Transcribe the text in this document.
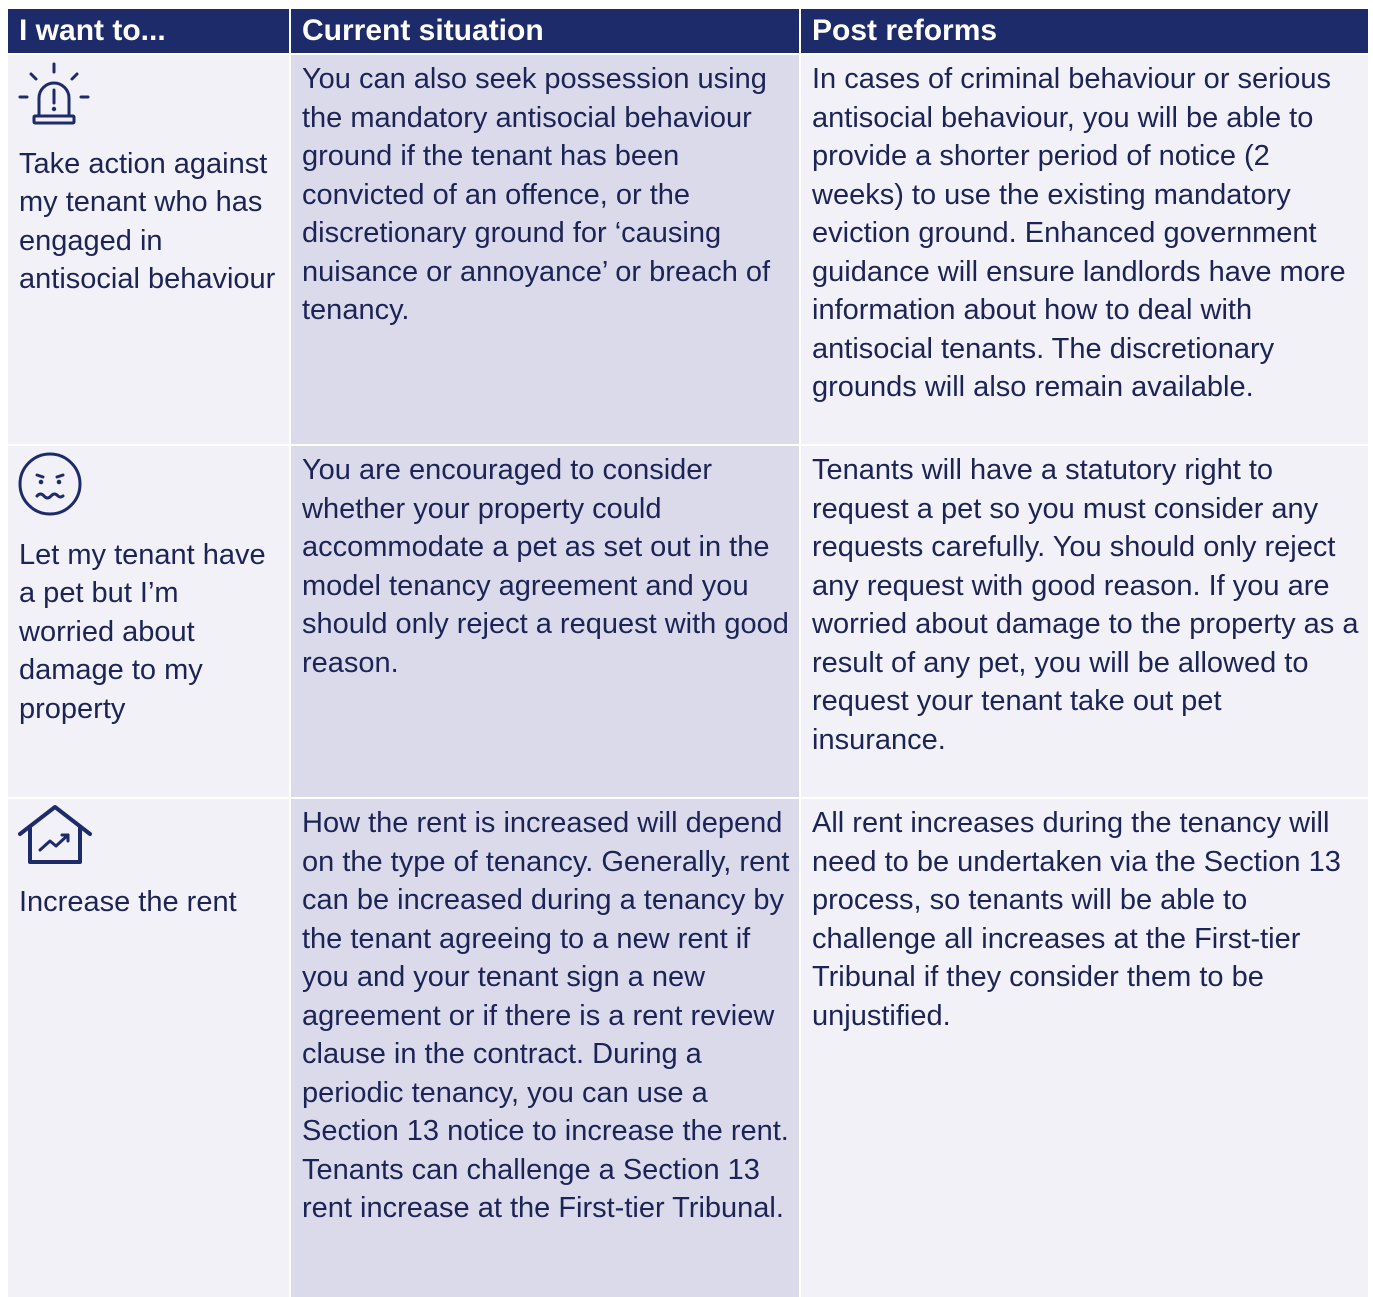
I want to...	Current situation	Post reforms
Take action against my tenant who has engaged in antisocial behaviour
You can also seek possession using the mandatory antisocial behaviour ground if the tenant has been convicted of an offence, or the discretionary ground for ‘causing nuisance or annoyance’ or breach of tenancy.
In cases of criminal behaviour or serious antisocial behaviour, you will be able to provide a shorter period of notice (2 weeks) to use the existing mandatory eviction ground. Enhanced government guidance will ensure landlords have more information about how to deal with antisocial tenants. The discretionary grounds will also remain available.
Let my tenant have a pet but I’m worried about damage to my property
You are encouraged to consider whether your property could accommodate a pet as set out in the model tenancy agreement and you should only reject a request with good reason.
Tenants will have a statutory right to request a pet so you must consider any requests carefully. You should only reject any request with good reason. If you are worried about damage to the property as a result of any pet, you will be allowed to request your tenant take out pet insurance.
Increase the rent
How the rent is increased will depend on the type of tenancy. Generally, rent can be increased during a tenancy by the tenant agreeing to a new rent if you and your tenant sign a new agreement or if there is a rent review clause in the contract. During a periodic tenancy, you can use a Section 13 notice to increase the rent. Tenants can challenge a Section 13 rent increase at the First-tier Tribunal.
All rent increases during the tenancy will need to be undertaken via the Section 13 process, so tenants will be able to challenge all increases at the First-tier Tribunal if they consider them to be unjustified.
